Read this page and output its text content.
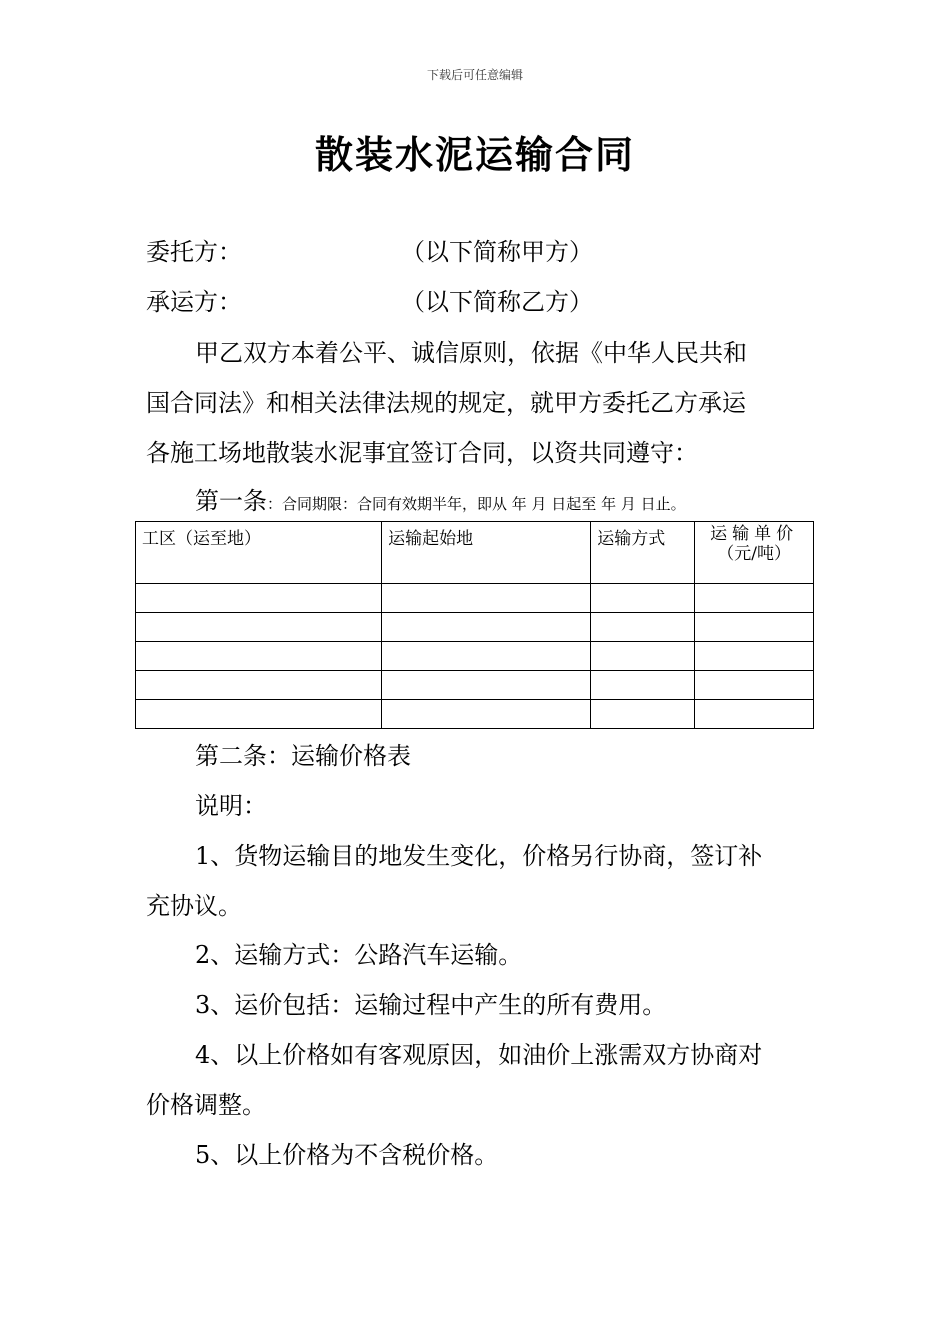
下载后可任意编辑
散装水泥运输合同
委托方：	（以下简称甲方）
承运方：	（以下简称乙方）
甲乙双方本着公平、诚信原则，依据《中华人民共和
国合同法》和相关法律法规的规定，就甲方委托乙方承运
各施工场地散装水泥事宜签订合同，以资共同遵守：
第一条：合同期限：合同有效期半年，即从 年 月 日起至 年 月 日止。
工区（运至地）	运输起始地	运输方式	运输单价
（元/吨）

第二条：运输价格表
说明：
1、货物运输目的地发生变化，价格另行协商，签订补
充协议。
2、运输方式：公路汽车运输。
3、运价包括：运输过程中产生的所有费用。
4、以上价格如有客观原因，如油价上涨需双方协商对
价格调整。
5、以上价格为不含税价格。
